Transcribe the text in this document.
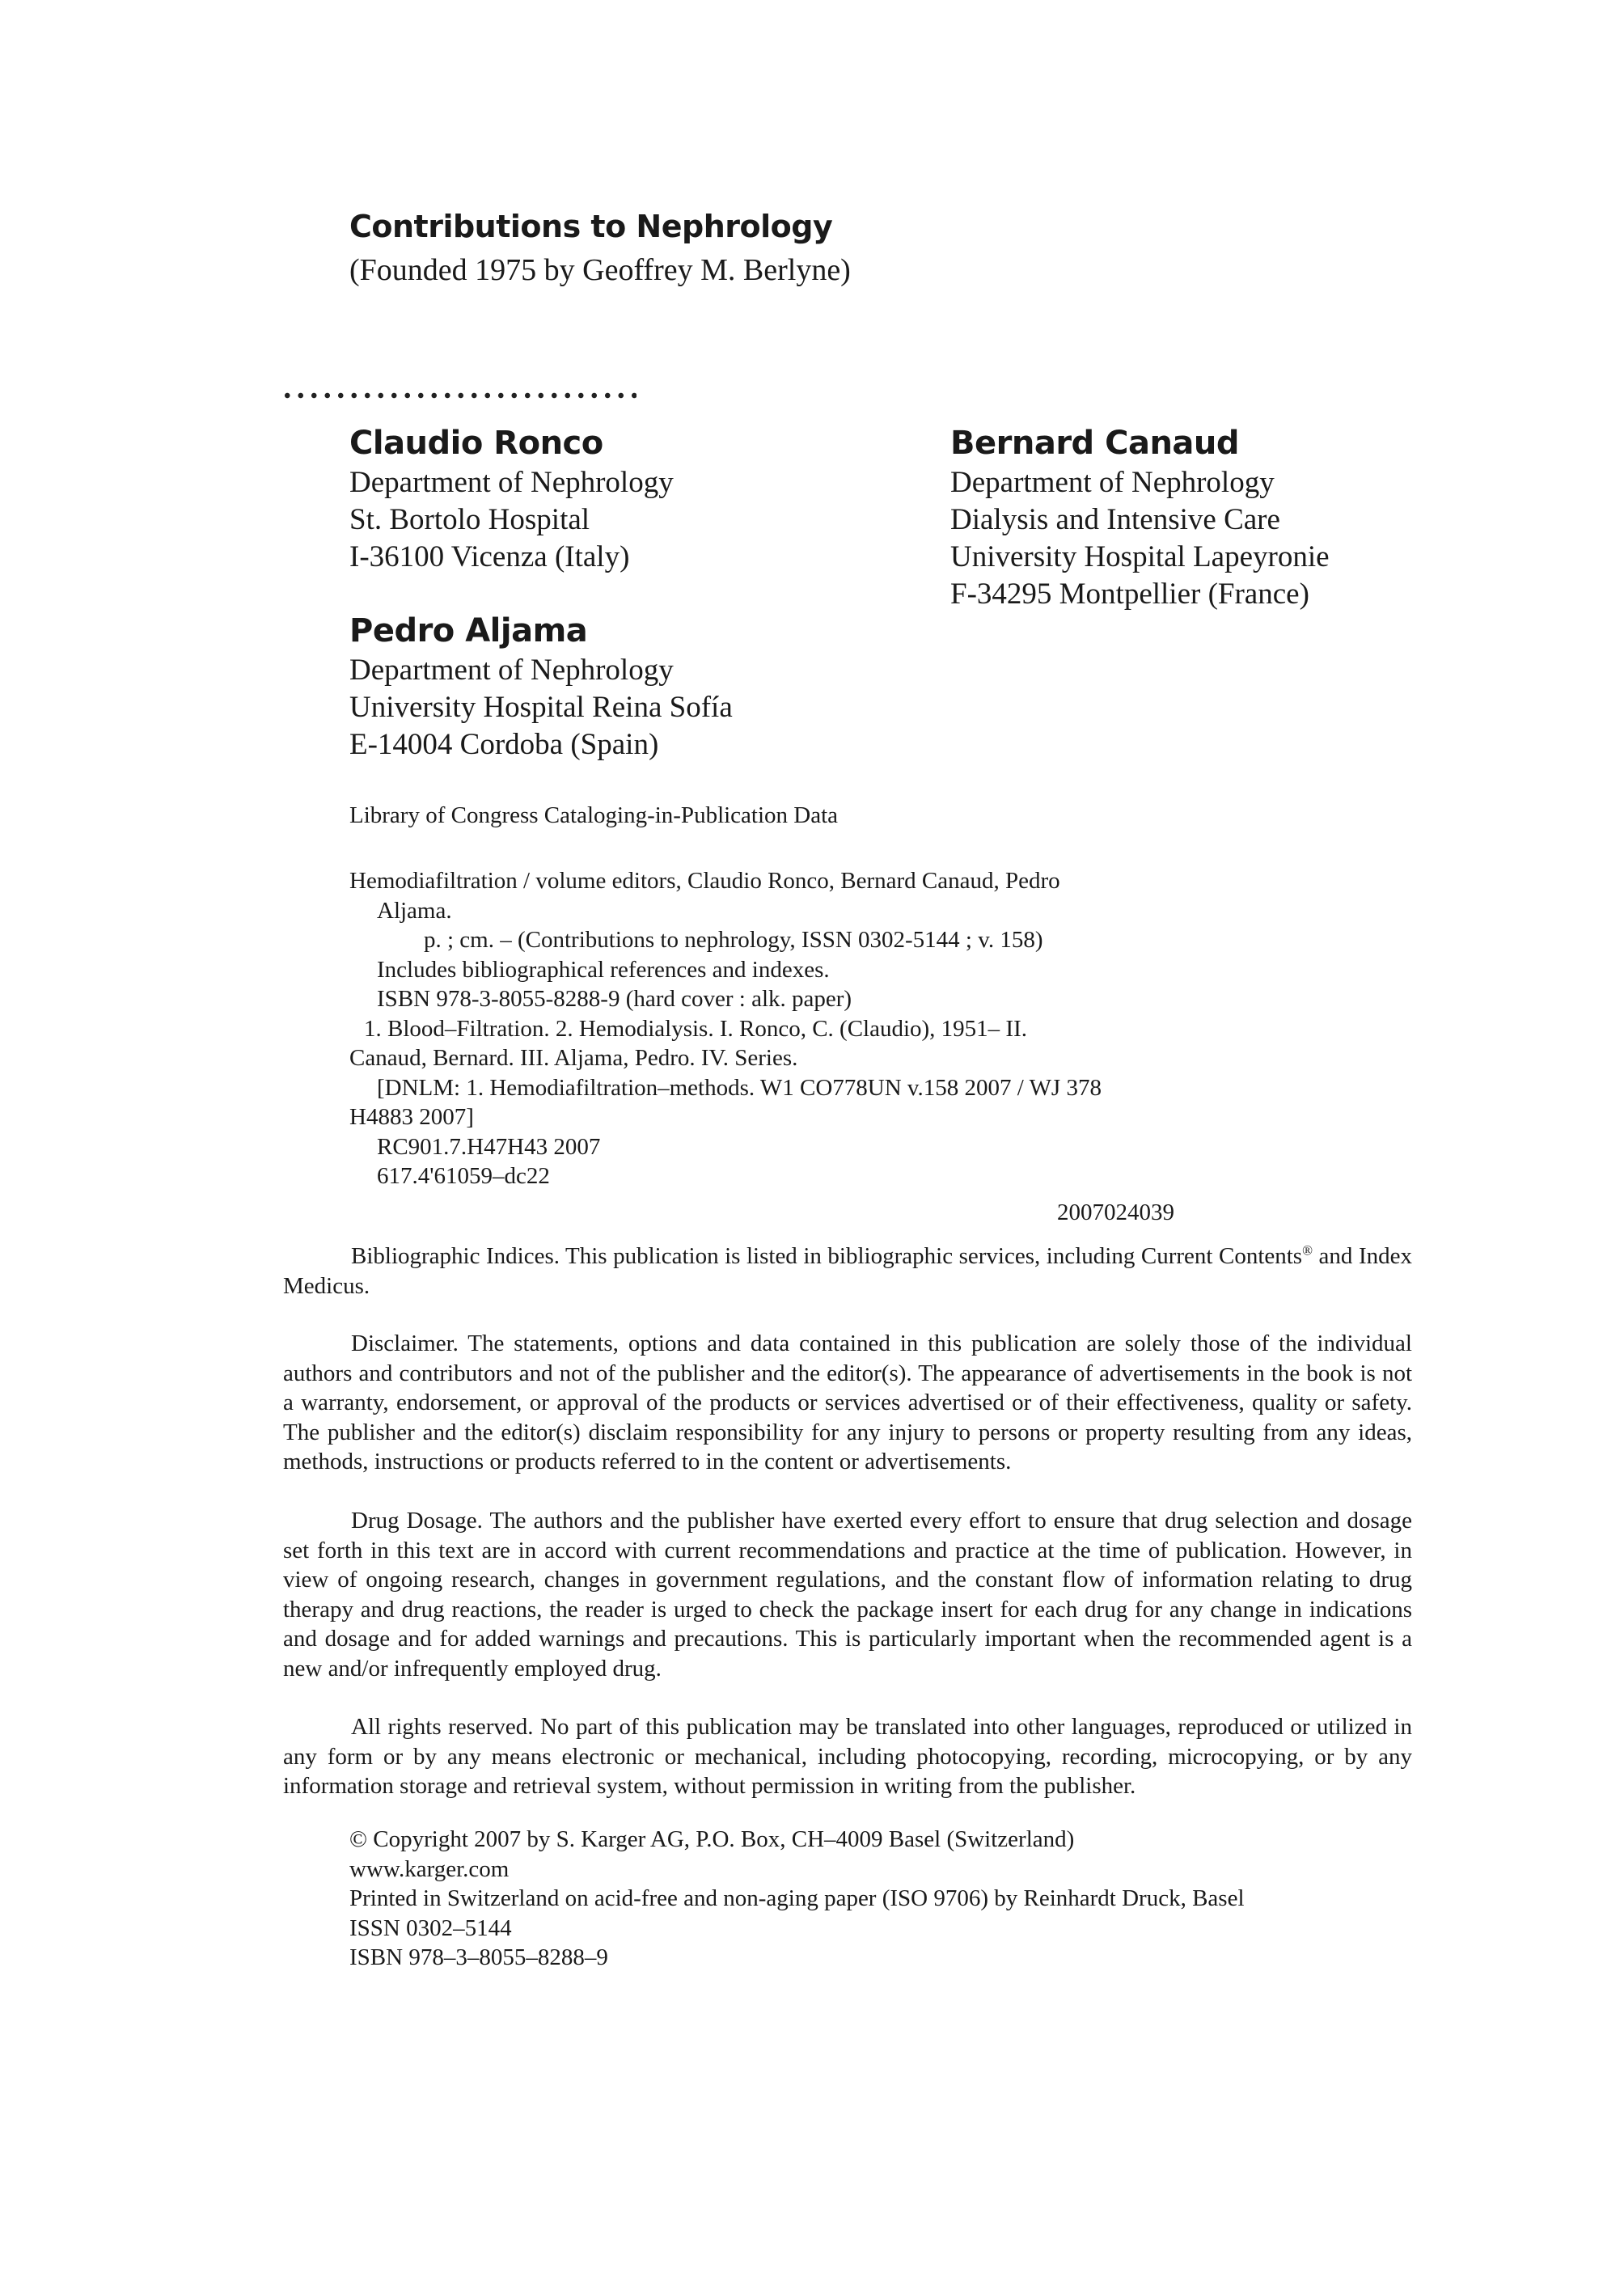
Contributions to Nephrology
(Founded 1975 by Geoffrey M. Berlyne)
Claudio Ronco
Department of Nephrology
St. Bortolo Hospital
I-36100 Vicenza (Italy)
Bernard Canaud
Department of Nephrology
Dialysis and Intensive Care
University Hospital Lapeyronie
F-34295 Montpellier (France)
Pedro Aljama
Department of Nephrology
University Hospital Reina Sofía
E-14004 Cordoba (Spain)
Library of Congress Cataloging-in-Publication Data
Hemodiafiltration / volume editors, Claudio Ronco, Bernard Canaud, Pedro
Aljama.
p. ; cm. – (Contributions to nephrology, ISSN 0302-5144 ; v. 158)
Includes bibliographical references and indexes.
ISBN 978-3-8055-8288-9 (hard cover : alk. paper)
1. Blood–Filtration. 2. Hemodialysis. I. Ronco, C. (Claudio), 1951– II.
Canaud, Bernard. III. Aljama, Pedro. IV. Series.
[DNLM: 1. Hemodiafiltration–methods. W1 CO778UN v.158 2007 / WJ 378
H4883 2007]
RC901.7.H47H43 2007
617.4'61059–dc22
2007024039
Bibliographic Indices. This publication is listed in bibliographic services, including Current Contents® and Index Medicus.
Disclaimer. The statements, options and data contained in this publication are solely those of the individual authors and contributors and not of the publisher and the editor(s). The appearance of advertisements in the book is not a warranty, endorsement, or approval of the products or services advertised or of their effectiveness, quality or safety. The publisher and the editor(s) disclaim responsibility for any injury to persons or property resulting from any ideas, methods, instructions or products referred to in the content or advertisements.
Drug Dosage. The authors and the publisher have exerted every effort to ensure that drug selection and dosage set forth in this text are in accord with current recommendations and practice at the time of publication. However, in view of ongoing research, changes in government regulations, and the constant flow of information relating to drug therapy and drug reactions, the reader is urged to check the package insert for each drug for any change in indications and dosage and for added warnings and precautions. This is particularly important when the recommended agent is a new and/or infrequently employed drug.
All rights reserved. No part of this publication may be translated into other languages, reproduced or utilized in any form or by any means electronic or mechanical, including photocopying, recording, microcopying, or by any information storage and retrieval system, without permission in writing from the publisher.
© Copyright 2007 by S. Karger AG, P.O. Box, CH–4009 Basel (Switzerland)
www.karger.com
Printed in Switzerland on acid-free and non-aging paper (ISO 9706) by Reinhardt Druck, Basel
ISSN 0302–5144
ISBN 978–3–8055–8288–9
